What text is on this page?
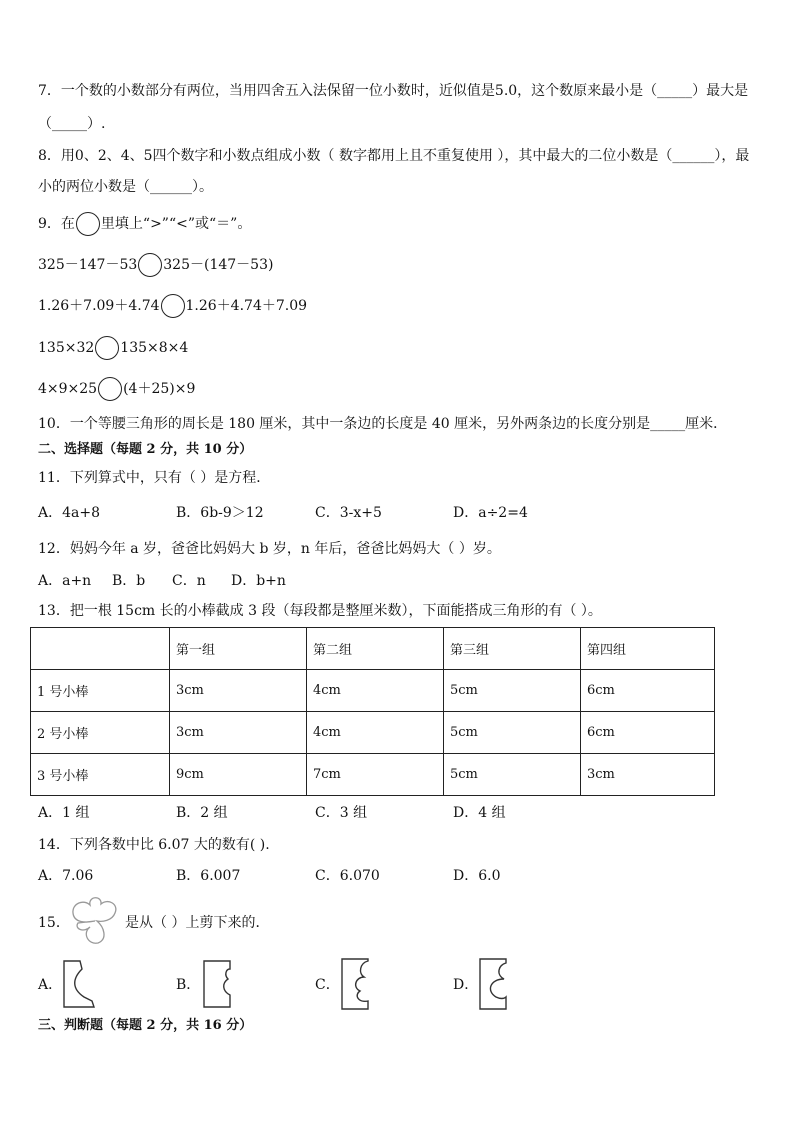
7．一个数的小数部分有两位，当用四舍五入法保留一位小数时，近似值是5.0，这个数原来最小是（_____）最大是
（_____）.
8．用0、2、4、5四个数字和小数点组成小数（ 数字都用上且不重复使用 ），其中最大的二位小数是（______），最
小的两位小数是（______）。
9．在 里填上“>”“<”或“＝”。
325－147－53 325－(147－53)
1.26＋7.09＋4.74 1.26＋4.74＋7.09
135×32 135×8×4
4×9×25 (4＋25)×9
10．一个等腰三角形的周长是 180 厘米，其中一条边的长度是 40 厘米，另外两条边的长度分别是_____厘米．
二、选择题（每题 2 分，共 10 分）
11．下列算式中，只有（ ）是方程．
A．4a+8	B．6b-9＞12	C．3-x+5	D．a÷2=4
12．妈妈今年 a 岁，爸爸比妈妈大 b 岁，n 年后，爸爸比妈妈大（ ）岁。
A．a+n B．b C．n D．b+n
13．把一根 15cm 长的小棒截成 3 段（每段都是整厘米数），下面能搭成三角形的有（ ）。
	第一组	第二组	第三组	第四组
1 号小棒	3cm	4cm	5cm	6cm
2 号小棒	3cm	4cm	5cm	6cm
3 号小棒	9cm	7cm	5cm	3cm
A．1 组	B．2 组	C．3 组	D．4 组
14．下列各数中比 6.07 大的数有( ).
A．7.06	B．6.007	C．6.070	D．6.0
15．	是从（ ）上剪下来的．
A．	B．	C．	D．
三、判断题（每题 2 分，共 16 分）
